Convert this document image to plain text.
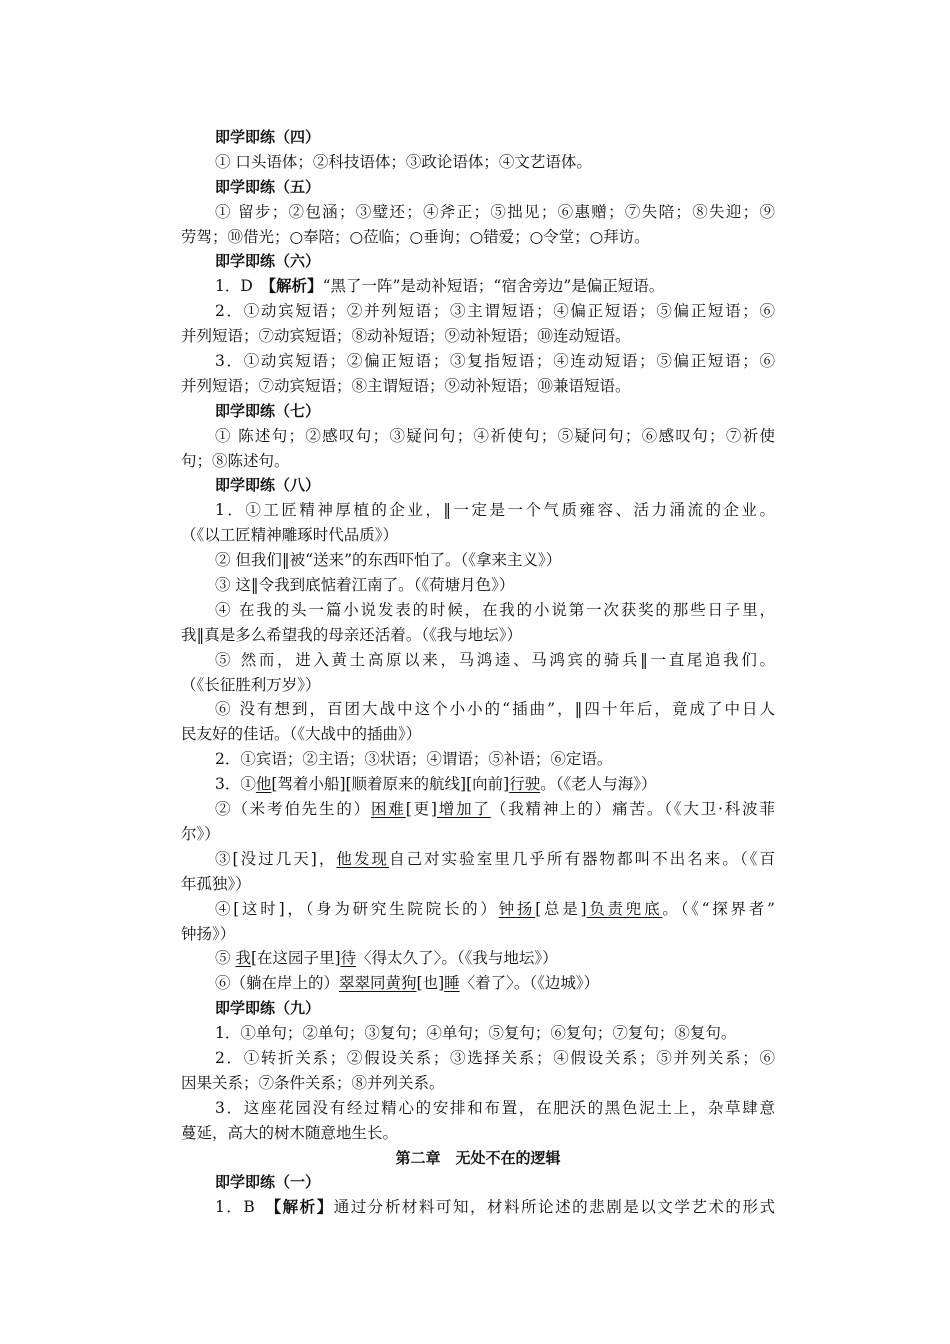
即学即练（四）
① 口头语体；②科技语体；③政论语体；④文艺语体。
即学即练（五）
① 留步；②包涵；③璧还；④斧正；⑤拙见；⑥惠赠；⑦失陪；⑧失迎；⑨
劳驾；⑩借光；○奉陪；○莅临；○垂询；○错爱；○令堂；○拜访。
即学即练（六）
1．D　【解析】“黑了一阵”是动补短语；“宿舍旁边”是偏正短语。
2．①动宾短语；②并列短语；③主谓短语；④偏正短语；⑤偏正短语；⑥
并列短语；⑦动宾短语；⑧动补短语；⑨动补短语；⑩连动短语。
3．①动宾短语；②偏正短语；③复指短语；④连动短语；⑤偏正短语；⑥
并列短语；⑦动宾短语；⑧主谓短语；⑨动补短语；⑩兼语短语。
即学即练（七）
① 陈述句；②感叹句；③疑问句；④祈使句；⑤疑问句；⑥感叹句；⑦祈使
句；⑧陈述句。
即学即练（八）
1．①工匠精神厚植的企业，‖一定是一个气质雍容、活力涌流的企业。
（《以工匠精神雕琢时代品质》）
② 但我们‖被“送来”的东西吓怕了。（《拿来主义》）
③ 这‖令我到底惦着江南了。（《荷塘月色》）
④ 在我的头一篇小说发表的时候，在我的小说第一次获奖的那些日子里，
我‖真是多么希望我的母亲还活着。（《我与地坛》）
⑤ 然而，进入黄土高原以来，马鸿逵、马鸿宾的骑兵‖一直尾追我们。
（《长征胜利万岁》）
⑥ 没有想到，百团大战中这个小小的“插曲”，‖四十年后，竟成了中日人
民友好的佳话。（《大战中的插曲》）
2．①宾语；②主语；③状语；④谓语；⑤补语；⑥定语。
3．①他[驾着小船][顺着原来的航线][向前]行驶。（《老人与海》）
②（米考伯先生的）困难[更]增加了（我精神上的）痛苦。（《大卫·科波菲
尔》）
③[没过几天]，他发现自己对实验室里几乎所有器物都叫不出名来。（《百
年孤独》）
④[这时]，（身为研究生院院长的）钟扬[总是]负责兜底。（《“探界者”
钟扬》）
⑤ 我[在这园子里]待〈得太久了〉。（《我与地坛》）
⑥（躺在岸上的）翠翠同黄狗[也]睡〈着了〉。（《边城》）
即学即练（九）
1．①单句；②单句；③复句；④单句；⑤复句；⑥复句；⑦复句；⑧复句。
2．①转折关系；②假设关系；③选择关系；④假设关系；⑤并列关系；⑥
因果关系；⑦条件关系；⑧并列关系。
3．这座花园没有经过精心的安排和布置，在肥沃的黑色泥土上，杂草肆意
蔓延，高大的树木随意地生长。
第二章　无处不在的逻辑
即学即练（一）
1．B　【解析】通过分析材料可知，材料所论述的悲剧是以文学艺术的形式
